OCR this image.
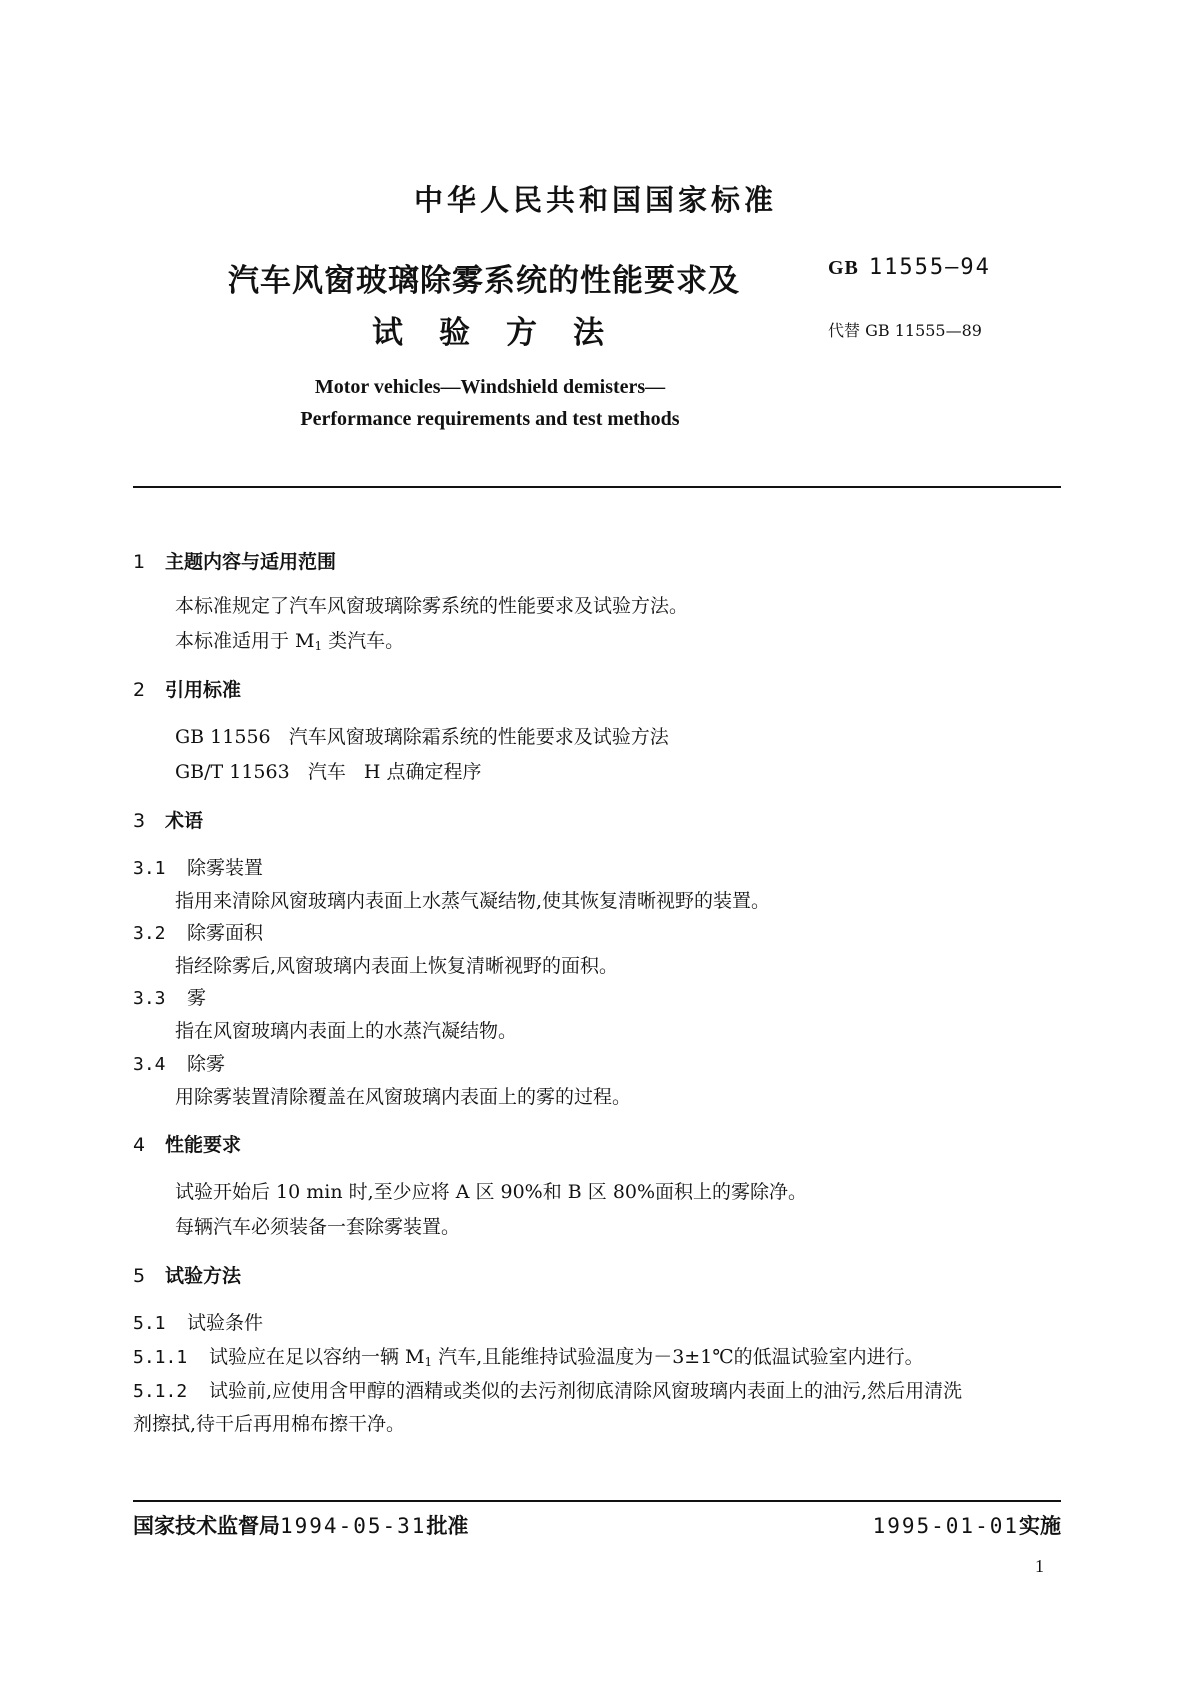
中华人民共和国国家标准
汽车风窗玻璃除雾系统的性能要求及
试验方法
GB 11555—94
代替 GB 11555—89
Motor vehicles—Windshield demisters—
Performance requirements and test methods
1 主题内容与适用范围
本标准规定了汽车风窗玻璃除雾系统的性能要求及试验方法。
本标准适用于 $M_1$ 类汽车。
2 引用标准
GB 11556   汽车风窗玻璃除霜系统的性能要求及试验方法
GB/T 11563   汽车   H 点确定程序
3 术语
3.1 除雾装置
指用来清除风窗玻璃内表面上水蒸气凝结物,使其恢复清晰视野的装置。
3.2 除雾面积
指经除雾后,风窗玻璃内表面上恢复清晰视野的面积。
3.3 雾
指在风窗玻璃内表面上的水蒸汽凝结物。
3.4 除雾
用除雾装置清除覆盖在风窗玻璃内表面上的雾的过程。
4 性能要求
试验开始后 10 min 时,至少应将 A 区 90%和 B 区 80%面积上的雾除净。
每辆汽车必须装备一套除雾装置。
5 试验方法
5.1 试验条件
5.1.1 试验应在足以容纳一辆 $M_1$ 汽车,且能维持试验温度为－3±1℃的低温试验室内进行。
5.1.2 试验前,应使用含甲醇的酒精或类似的去污剂彻底清除风窗玻璃内表面上的油污,然后用清洗
剂擦拭,待干后再用棉布擦干净。
国家技术监督局1994-05-31批准	1995-01-01实施
1
